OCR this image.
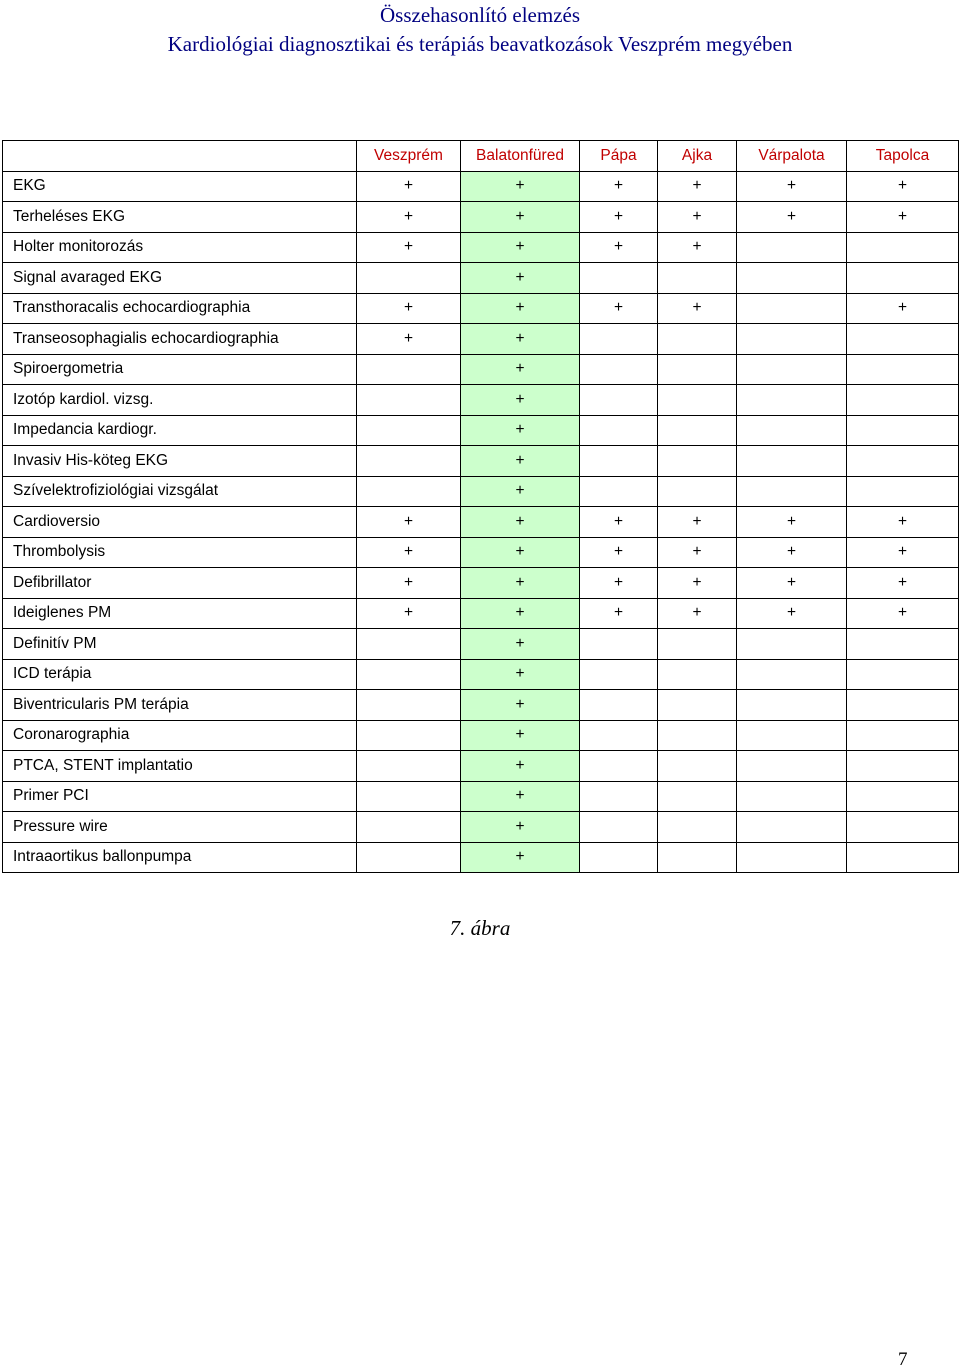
Összehasonlító elemzés
Kardiológiai diagnosztikai és terápiás beavatkozások Veszprém megyében
	Veszprém	Balatonfüred	Pápa	Ajka	Várpalota	Tapolca
EKG	+	+	+	+	+	+
Terheléses EKG	+	+	+	+	+	+
Holter monitorozás	+	+	+	+		
Signal avaraged EKG		+				
Transthoracalis echocardiographia	+	+	+	+		+
Transeosophagialis echocardiographia	+	+				
Spiroergometria		+				
Izotóp kardiol. vizsg.		+				
Impedancia kardiogr.		+				
Invasiv His-köteg EKG		+				
Szívelektrofiziológiai vizsgálat		+				
Cardioversio	+	+	+	+	+	+
Thrombolysis	+	+	+	+	+	+
Defibrillator	+	+	+	+	+	+
Ideiglenes PM	+	+	+	+	+	+
Definitív PM		+				
ICD terápia		+				
Biventricularis PM terápia		+				
Coronarographia		+				
PTCA, STENT implantatio		+				
Primer PCI		+				
Pressure wire		+				
Intraaortikus ballonpumpa		+				
7. ábra
7
